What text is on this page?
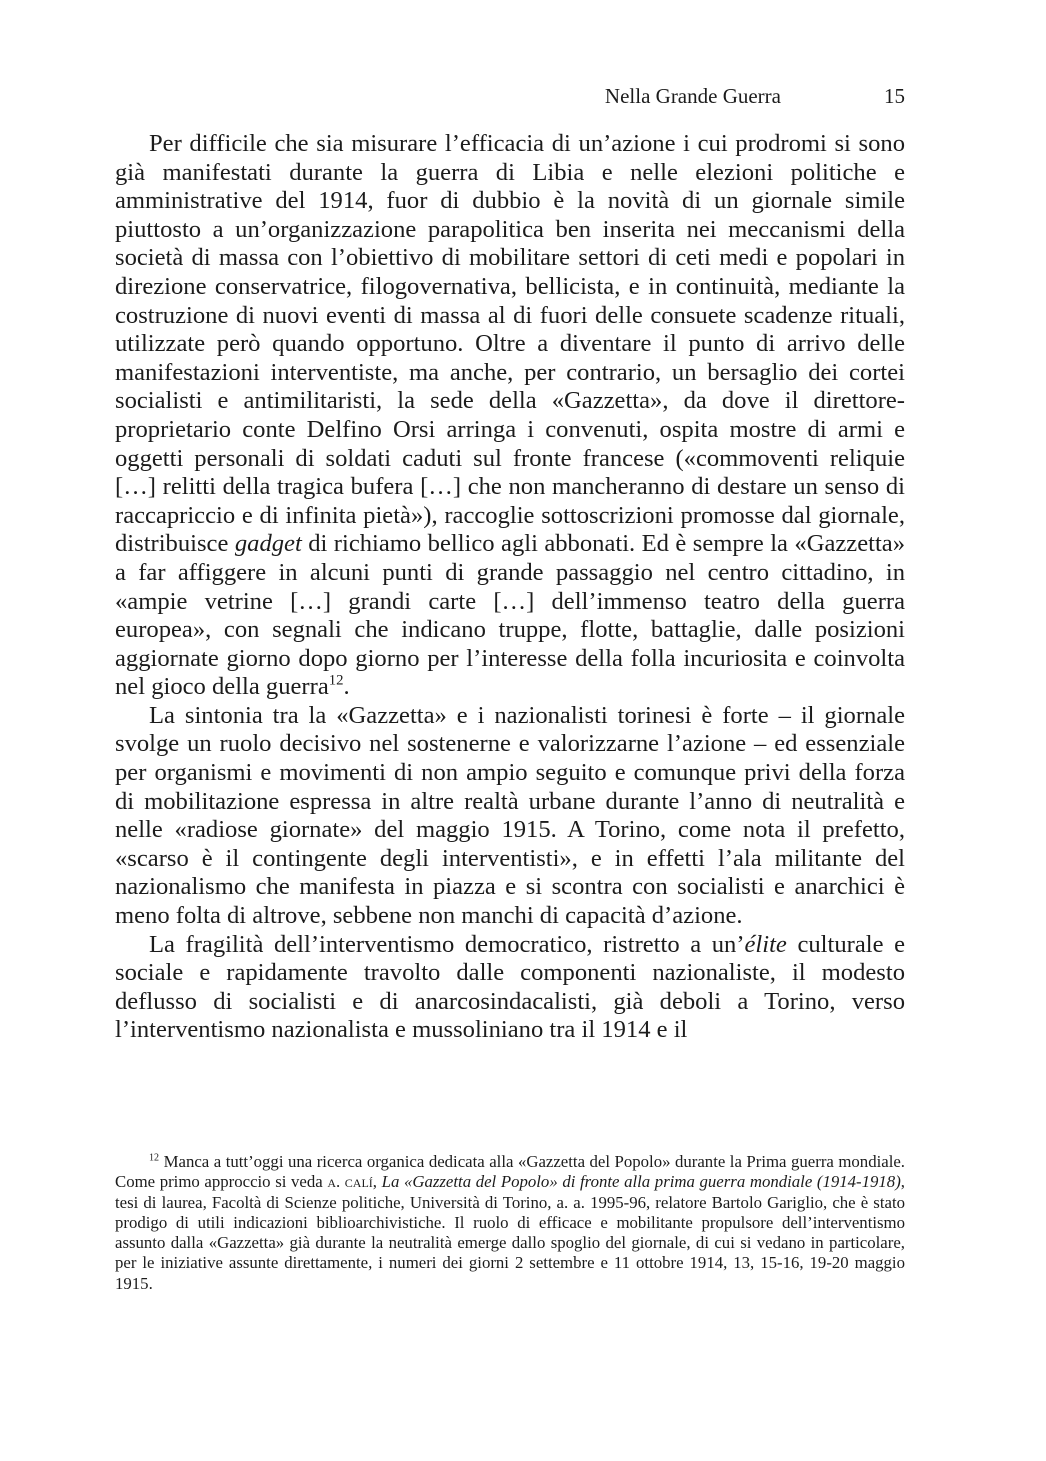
Nella Grande Guerra	15

Per difficile che sia misurare l’efficacia di un’azione i cui prodromi si sono già manifestati durante la guerra di Libia e nelle elezioni politiche e amministrative del 1914, fuor di dubbio è la novità di un giornale simile piuttosto a un’organizzazione parapolitica ben inserita nei meccanismi della società di massa con l’obiettivo di mobilitare settori di ceti medi e popolari in direzione conservatrice, filogovernativa, bellicista, e in continuità, mediante la costruzione di nuovi eventi di massa al di fuori delle consuete scadenze rituali, utilizzate però quando opportuno. Oltre a diventare il punto di arrivo delle manifestazioni interventiste, ma anche, per contrario, un bersaglio dei cortei socialisti e antimilitaristi, la sede della «Gazzetta», da dove il direttore-proprietario conte Delfino Orsi arringa i convenuti, ospita mostre di armi e oggetti personali di soldati caduti sul fronte francese («commoventi reliquie […] relitti della tragica bufera […] che non mancheranno di destare un senso di raccapriccio e di infinita pietà»), raccoglie sottoscrizioni promosse dal giornale, distribuisce gadget di richiamo bellico agli abbonati. Ed è sempre la «Gazzetta» a far affiggere in alcuni punti di grande passaggio nel centro cittadino, in «ampie vetrine […] grandi carte […] dell’immenso teatro della guerra europea», con segnali che indicano truppe, flotte, battaglie, dalle posizioni aggiornate giorno dopo giorno per l’interesse della folla incuriosita e coinvolta nel gioco della guerra$^{12}$.

La sintonia tra la «Gazzetta» e i nazionalisti torinesi è forte – il giornale svolge un ruolo decisivo nel sostenerne e valorizzarne l’azione – ed essenziale per organismi e movimenti di non ampio seguito e comunque privi della forza di mobilitazione espressa in altre realtà urbane durante l’anno di neutralità e nelle «radiose giornate» del maggio 1915. A Torino, come nota il prefetto, «scarso è il contingente degli interventisti», e in effetti l’ala militante del nazionalismo che manifesta in piazza e si scontra con socialisti e anarchici è meno folta di altrove, sebbene non manchi di capacità d’azione.

La fragilità dell’interventismo democratico, ristretto a un’élite culturale e sociale e rapidamente travolto dalle componenti nazionaliste, il modesto deflusso di socialisti e di anarcosindacalisti, già deboli a Torino, verso l’interventismo nazionalista e mussoliniano tra il 1914 e il

$^{12}$ Manca a tutt’oggi una ricerca organica dedicata alla «Gazzetta del Popolo» durante la Prima guerra mondiale. Come primo approccio si veda a. calí, La «Gazzetta del Popolo» di fronte alla prima guerra mondiale (1914-1918), tesi di laurea, Facoltà di Scienze politiche, Università di Torino, a. a. 1995-96, relatore Bartolo Gariglio, che è stato prodigo di utili indicazioni biblioarchivistiche. Il ruolo di efficace e mobilitante propulsore dell’interventismo assunto dalla «Gazzetta» già durante la neutralità emerge dallo spoglio del giornale, di cui si vedano in particolare, per le iniziative assunte direttamente, i numeri dei giorni 2 settembre e 11 ottobre 1914, 13, 15-16, 19-20 maggio 1915.
